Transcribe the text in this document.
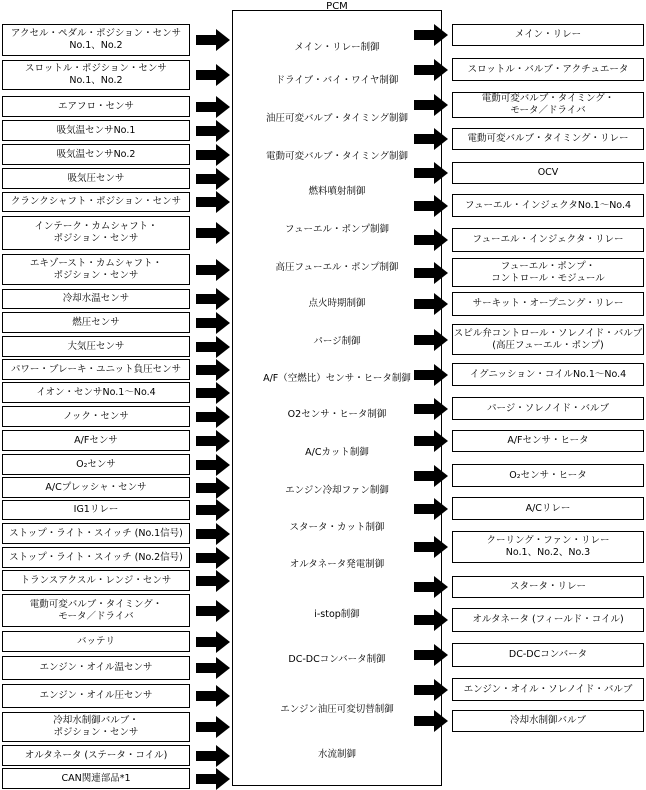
PCM
メイン・リレー制御
ドライブ・バイ・ワイヤ制御
油圧可変バルブ・タイミング制御
電動可変バルブ・タイミング制御
燃料噴射制御
フューエル・ポンプ制御
高圧フューエル・ポンプ制御
点火時期制御
パージ制御
A/F（空燃比）センサ・ヒータ制御
O2センサ・ヒータ制御
A/Cカット制御
エンジン冷却ファン制御
スタータ・カット制御
オルタネータ発電制御
i-stop制御
DC-DCコンバータ制御
エンジン油圧可変切替制御
水流制御
アクセル・ペダル・ポジション・センサ
No.1、No.2
スロットル・ポジション・センサ
No.1、No.2
エアフロ・センサ
吸気温センサNo.1
吸気温センサNo.2
吸気圧センサ
クランクシャフト・ポジション・センサ
インテーク・カムシャフト・
ポジション・センサ
エキゾースト・カムシャフト・
ポジション・センサ
冷却水温センサ
燃圧センサ
大気圧センサ
パワー・ブレーキ・ユニット負圧センサ
イオン・センサNo.1～No.4
ノック・センサ
A/Fセンサ
O₂センサ
A/Cプレッシャ・センサ
IG1リレー
ストップ・ライト・スイッチ (No.1信号)
ストップ・ライト・スイッチ (No.2信号)
トランスアクスル・レンジ・センサ
電動可変バルブ・タイミング・
モータ／ドライバ
バッテリ
エンジン・オイル温センサ
エンジン・オイル圧センサ
冷却水制御バルブ・
ポジション・センサ
オルタネータ (ステータ・コイル)
CAN関連部品*1
メイン・リレー
スロットル・バルブ・アクチュエータ
電動可変バルブ・タイミング・
モータ／ドライバ
電動可変バルブ・タイミング・リレー
OCV
フューエル・インジェクタNo.1～No.4
フューエル・インジェクタ・リレー
フューエル・ポンプ・
コントロール・モジュール
サーキット・オープニング・リレー
スピル弁コントロール・ソレノイド・バルブ
(高圧フューエル・ポンプ)
イグニッション・コイルNo.1～No.4
パージ・ソレノイド・バルブ
A/Fセンサ・ヒータ
O₂センサ・ヒータ
A/Cリレー
クーリング・ファン・リレー
No.1、No.2、No.3
スタータ・リレー
オルタネータ (フィールド・コイル)
DC-DCコンバータ
エンジン・オイル・ソレノイド・バルブ
冷却水制御バルブ
